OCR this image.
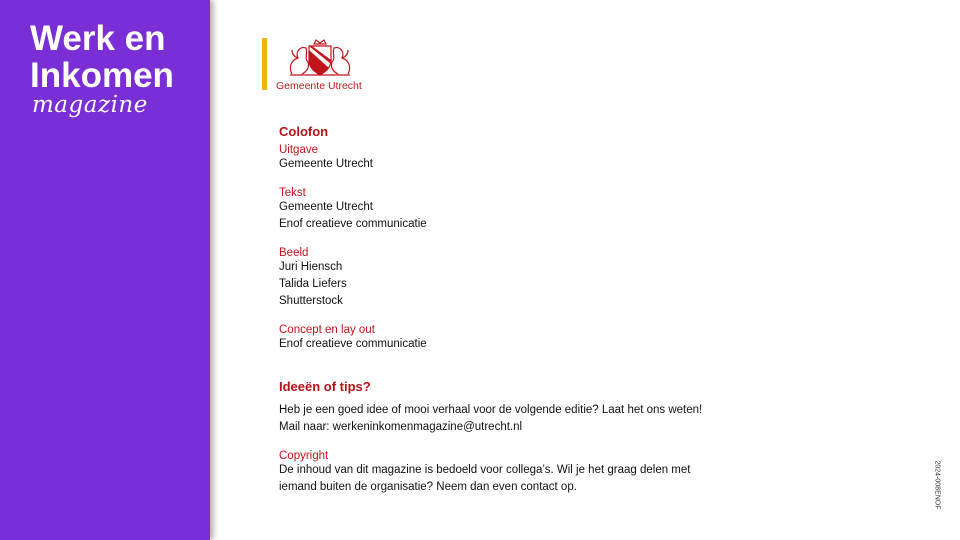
Werk en
Inkomen
magazine
Gemeente Utrecht

Colofon

Uitgave

Gemeente Utrecht

Tekst

Gemeente Utrecht

Enof creatieve communicatie

Beeld

Juri Hiensch

Talida Liefers

Shutterstock

Concept en lay out

Enof creatieve communicatie

Ideeën of tips?

Heb je een goed idee of mooi verhaal voor de volgende editie? Laat het ons weten!

Mail naar: werkeninkomenmagazine@utrecht.nl

Copyright

De inhoud van dit magazine is bedoeld voor collega’s. Wil je het graag delen met

iemand buiten de organisatie? Neem dan even contact op.	2024-008ENOF
